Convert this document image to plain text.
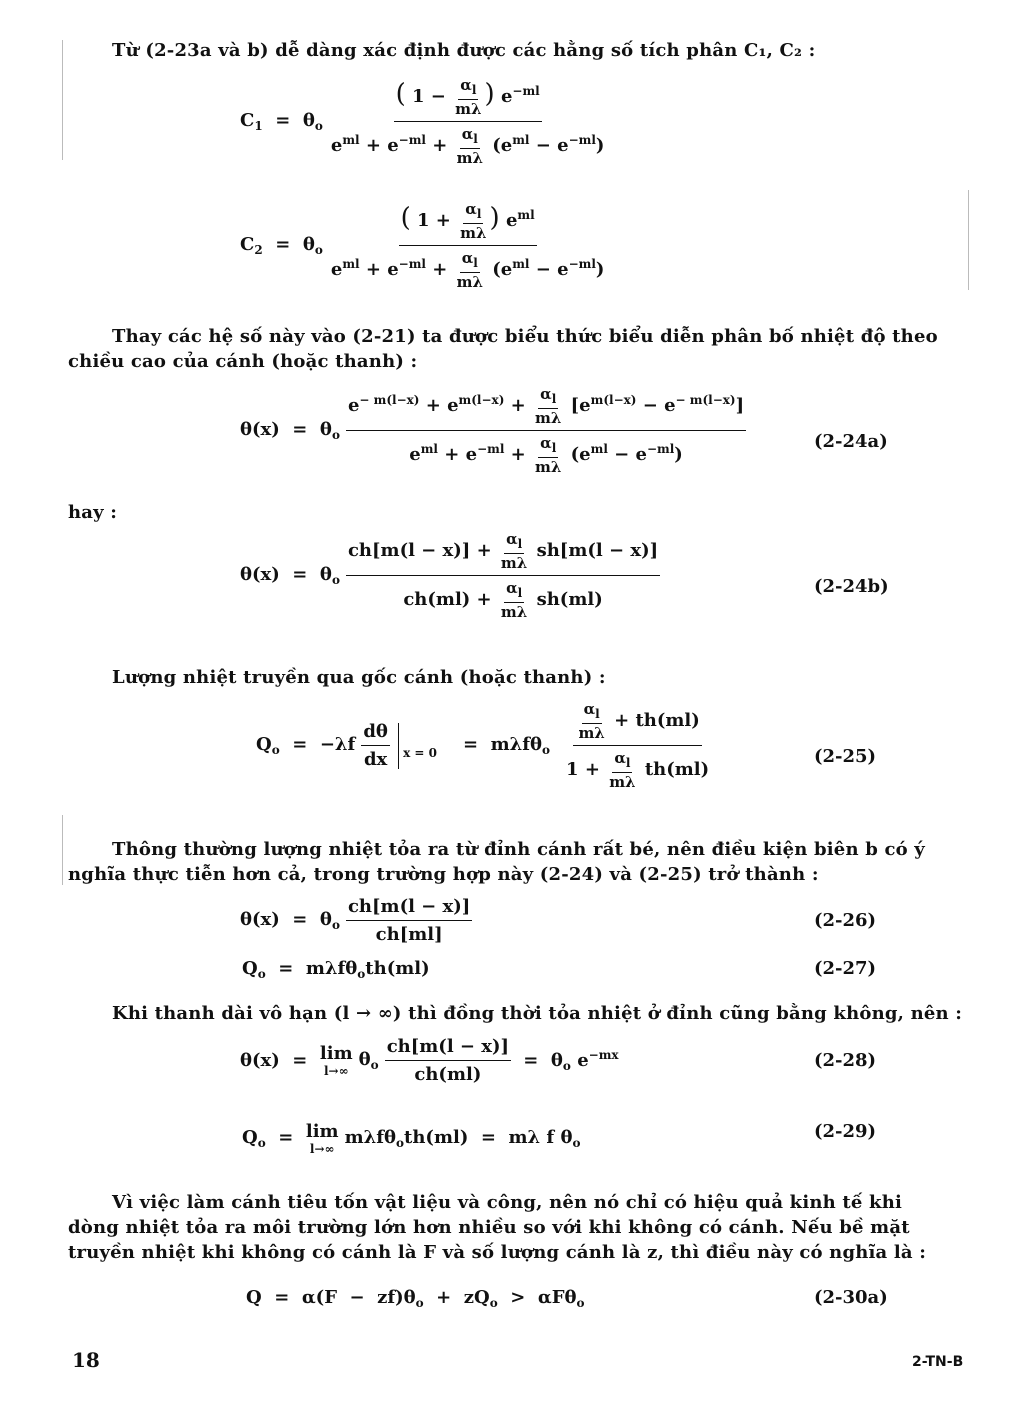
Từ (2-23a và b) dễ dàng xác định được các hằng số tích phân C₁, C₂ :
$C_1 = \theta_o \frac{( 1 - \frac{\alpha_l}{m\lambda} ) e^{-ml}}{e^{ml} + e^{-ml} + \frac{\alpha_l}{m\lambda} (e^{ml} - e^{-ml})}$
$C_2 = \theta_o \frac{( 1 + \frac{\alpha_l}{m\lambda} ) e^{ml}}{e^{ml} + e^{-ml} + \frac{\alpha_l}{m\lambda} (e^{ml} - e^{-ml})}$
Thay các hệ số này vào (2-21) ta được biểu thức biểu diễn phân bố nhiệt độ theo
chiều cao của cánh (hoặc thanh) :
$\theta(x) = \theta_o \frac{e^{- m(l-x)} + e^{m(l-x)} + \frac{\alpha_l}{m\lambda} [e^{m(l-x)} - e^{- m(l-x)}]}{e^{ml} + e^{-ml} + \frac{\alpha_l}{m\lambda} (e^{ml} - e^{-ml})}$	(2-24a)
hay :
$\theta(x) = \theta_o \frac{ch[m(l - x)] + \frac{\alpha_l}{m\lambda} sh[m(l - x)]}{ch(ml) + \frac{\alpha_l}{m\lambda} sh(ml)}$	(2-24b)
Lượng nhiệt truyền qua gốc cánh (hoặc thanh) :
$Q_o = -\lambda f \frac{d\theta}{dx} _{x = 0} = m\lambda f\theta_o \frac{\frac{\alpha_l}{m\lambda} + th(ml)}{1 + \frac{\alpha_l}{m\lambda} th(ml)}$	(2-25)
Thông thường lượng nhiệt tỏa ra từ đỉnh cánh rất bé, nên điều kiện biên b có ý
nghĩa thực tiễn hơn cả, trong trường hợp này (2-24) và (2-25) trở thành :
$\theta(x) = \theta_o \frac{ch[m(l - x)]}{ch[ml]}$	(2-26)
$Q_o = m\lambda f\theta_oth(ml)$	(2-27)
Khi thanh dài vô hạn (l → ∞) thì đồng thời tỏa nhiệt ở đỉnh cũng bằng không, nên :
θ(x)  = lim
l→∞
$\theta_o \frac{ch[m(l - x)]}{ch(ml)} = \theta_o$ $e^{-mx}$	(2-28)
$Q_o = \lim$
l→∞
mλfθ$_o$th(ml)  =  mλ f $\theta_o$
(2-29)
Vì việc làm cánh tiêu tốn vật liệu và công, nên nó chỉ có hiệu quả kinh tế khi
dòng nhiệt tỏa ra môi trường lớn hơn nhiều so với khi không có cánh. Nếu bề mặt
truyền nhiệt khi không có cánh là F và số lượng cánh là z, thì điều này có nghĩa là :
$Q = \alpha(F - zf)\theta_o + zQ_o > \alpha F\theta_o$	(2-30a)
18	2-TN-B
